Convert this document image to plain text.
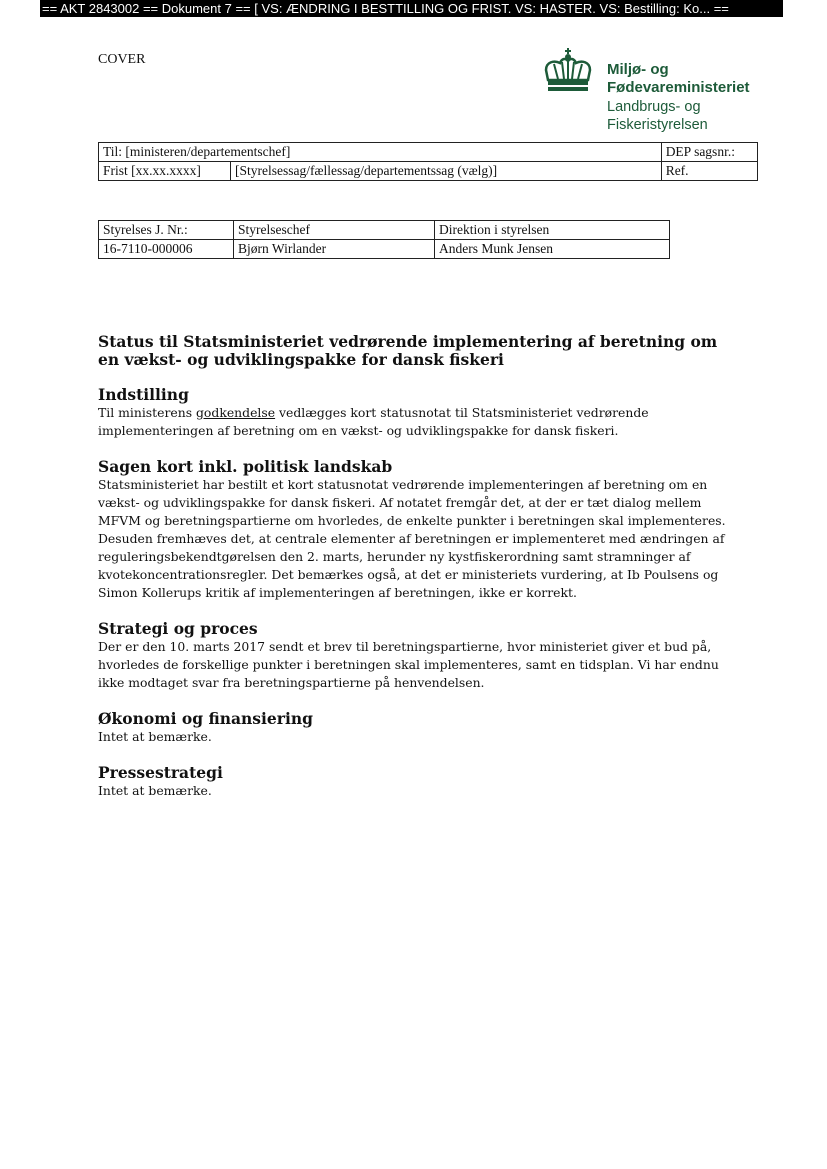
== AKT 2843002 == Dokument 7 == [ VS: ÆNDRING I BESTTILLING OG FRIST. VS: HASTER. VS: Bestilling: Ko... ==
COVER
Miljø- og
Fødevareministeriet
Landbrugs- og
Fiskeristyrelsen
Til: [ministeren/departementschef]		DEP sagsnr.:
Frist [xx.xx.xxxx]	[Styrelsessag/fællessag/departementssag (vælg)]	Ref.
Styrelses J. Nr.:	Styrelseschef	Direktion i styrelsen
16-7110-000006	Bjørn Wirlander	Anders Munk Jensen
Status til Statsministeriet vedrørende implementering af beretning om en vækst- og udviklingspakke for dansk fiskeri
Indstilling

Til ministerens godkendelse vedlægges kort statusnotat til Statsministeriet vedrørende implementeringen af beretning om en vækst- og udviklingspakke for dansk fiskeri.

Sagen kort inkl. politisk landskab

Statsministeriet har bestilt et kort statusnotat vedrørende implementeringen af beretning om en vækst- og udviklingspakke for dansk fiskeri. Af notatet fremgår det, at der er tæt dialog mellem MFVM og beretningspartierne om hvorledes, de enkelte punkter i beretningen skal implementeres. Desuden fremhæves det, at centrale elementer af beretningen er implementeret med ændringen af reguleringsbekendtgørelsen den 2. marts, herunder ny kystfiskerordning samt stramninger af kvotekoncentrationsregler. Det bemærkes også, at det er ministeriets vurdering, at Ib Poulsens og Simon Kollerups kritik af implementeringen af beretningen, ikke er korrekt.

Strategi og proces

Der er den 10. marts 2017 sendt et brev til beretningspartierne, hvor ministeriet giver et bud på, hvorledes de forskellige punkter i beretningen skal implementeres, samt en tidsplan. Vi har endnu ikke modtaget svar fra beretningspartierne på henvendelsen.

Økonomi og finansiering

Intet at bemærke.

Pressestrategi

Intet at bemærke.
